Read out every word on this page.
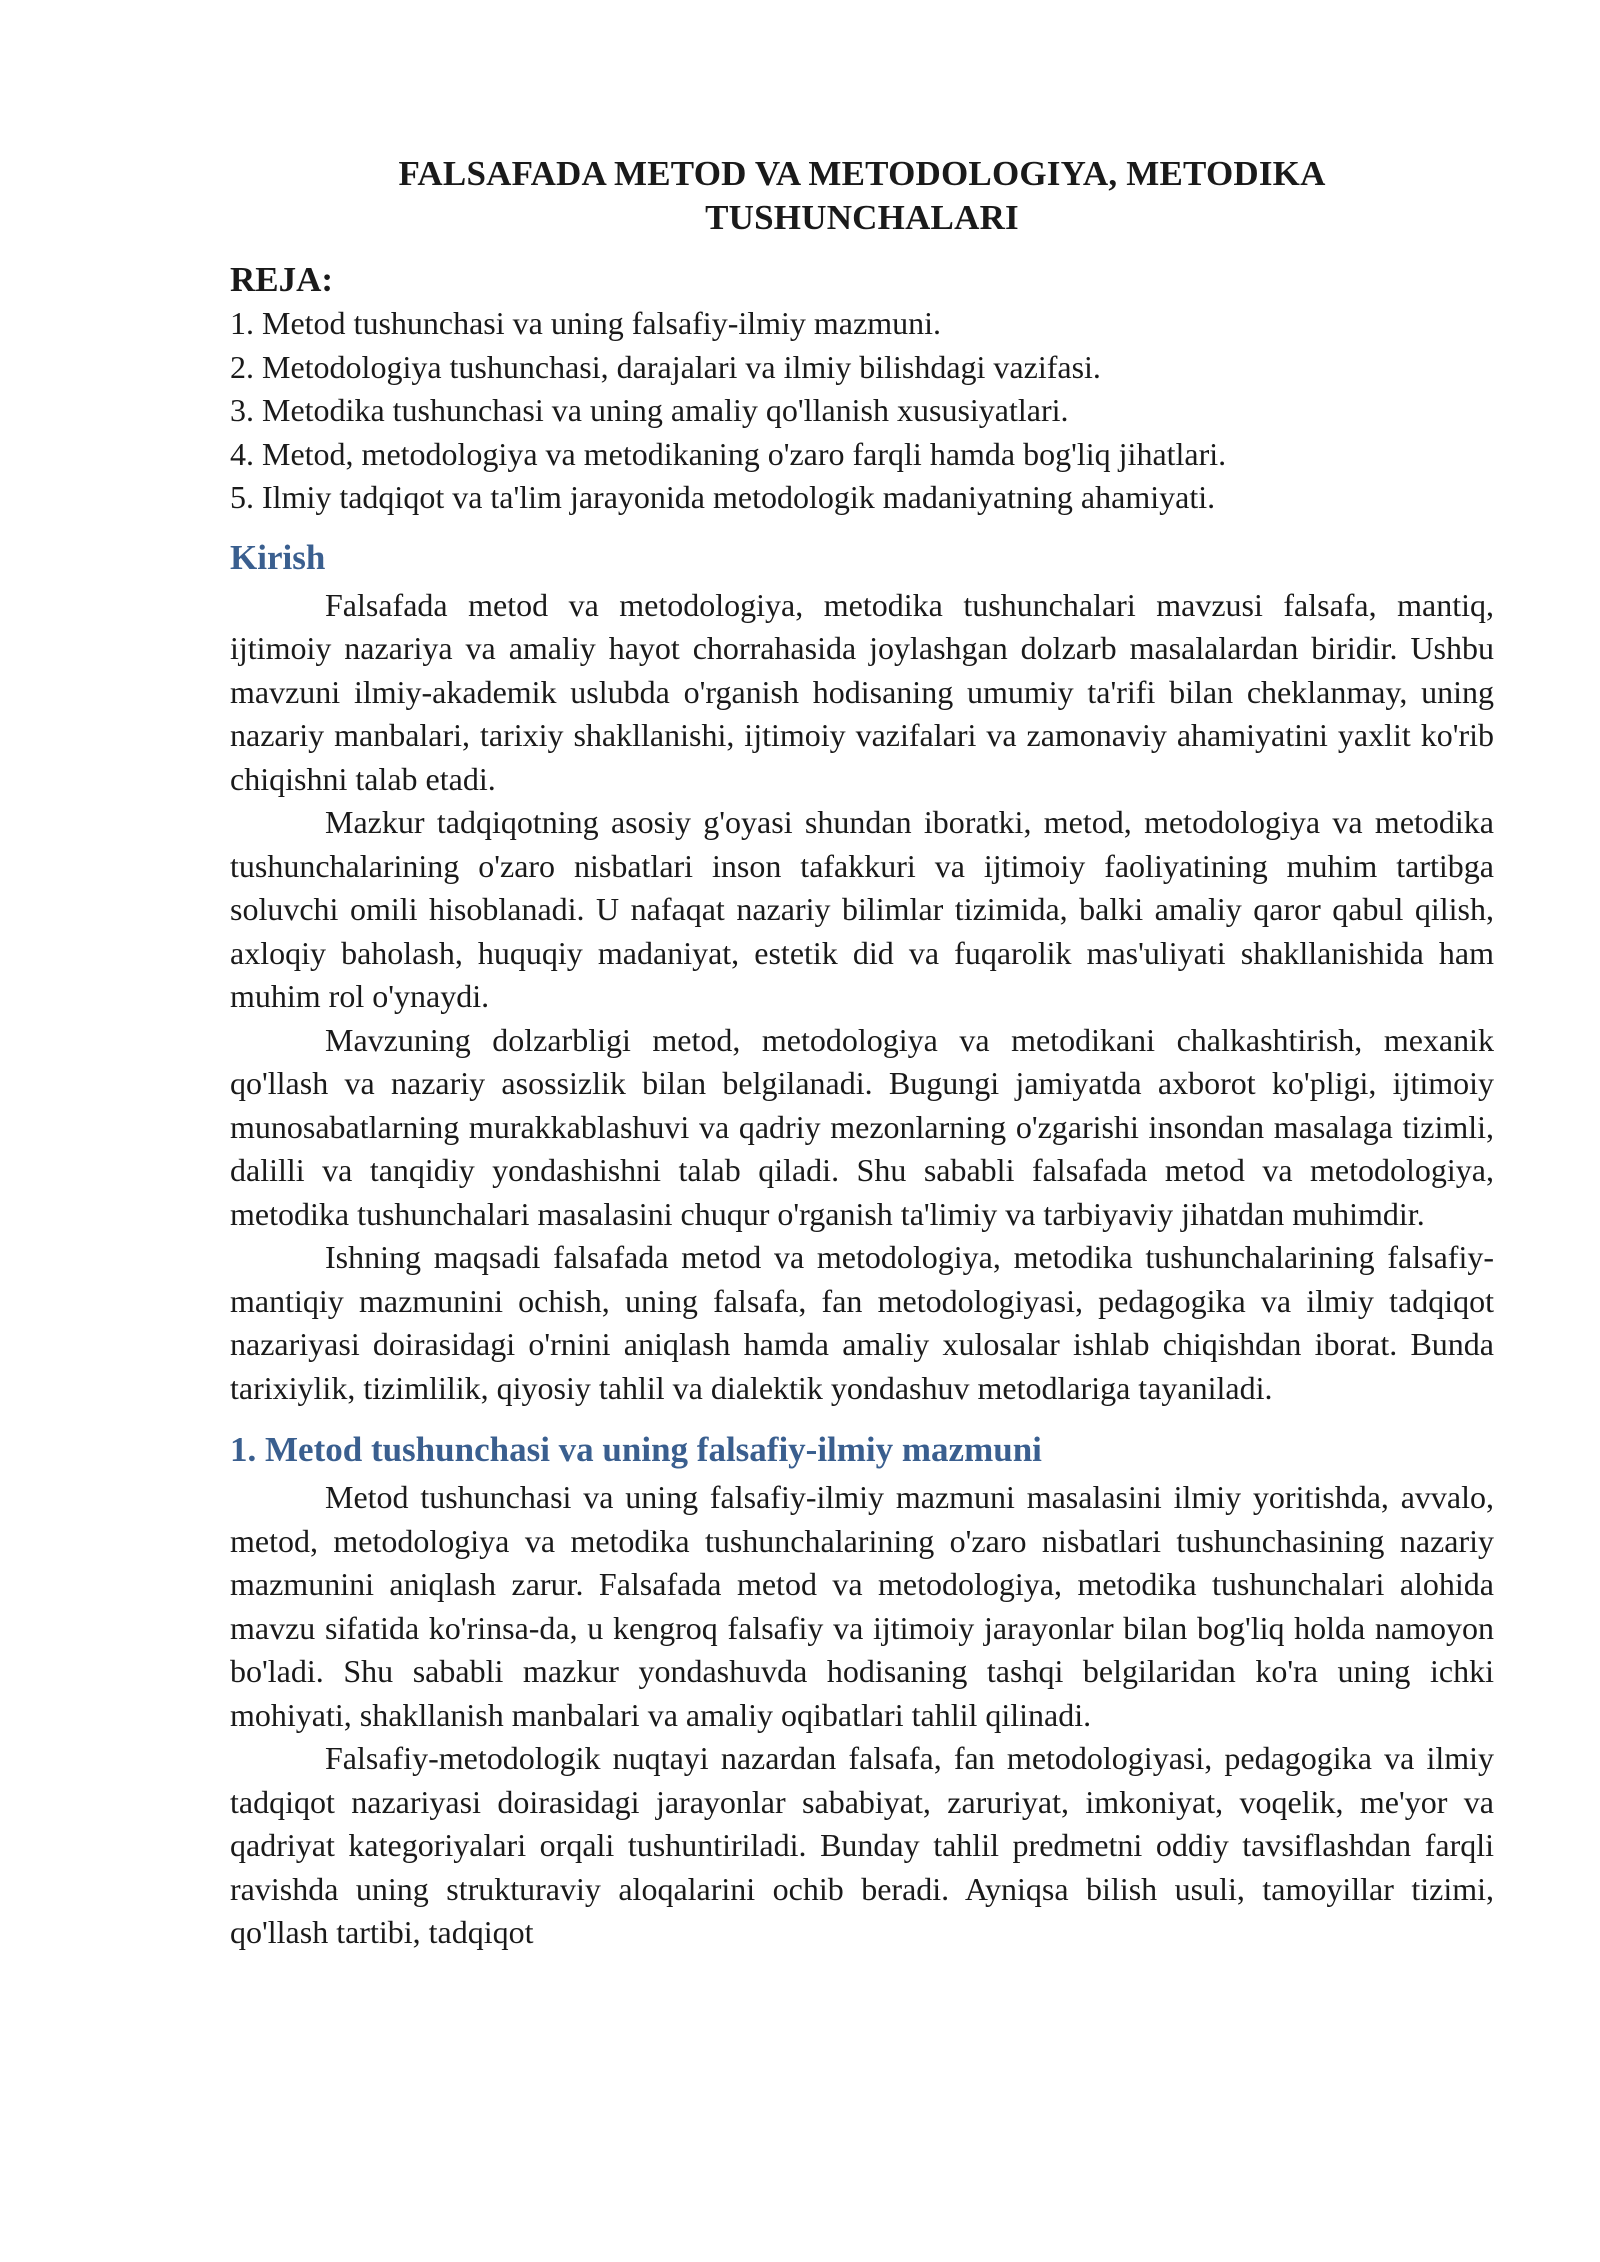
FALSAFADA METOD VA METODOLOGIYA, METODIKA
TUSHUNCHALARI

REJA:

1. Metod tushunchasi va uning falsafiy-ilmiy mazmuni.
2. Metodologiya tushunchasi, darajalari va ilmiy bilishdagi vazifasi.
3. Metodika tushunchasi va uning amaliy qo'llanish xususiyatlari.
4. Metod, metodologiya va metodikaning o'zaro farqli hamda bog'liq jihatlari.
5. Ilmiy tadqiqot va ta'lim jarayonida metodologik madaniyatning ahamiyati.
Kirish

Falsafada metod va metodologiya, metodika tushunchalari mavzusi falsafa, mantiq, ijtimoiy nazariya va amaliy hayot chorrahasida joylashgan dolzarb masalalardan biridir. Ushbu mavzuni ilmiy-akademik uslubda o'rganish hodisaning umumiy ta'rifi bilan cheklanmay, uning nazariy manbalari, tarixiy shakllanishi, ijtimoiy vazifalari va zamonaviy ahamiyatini yaxlit ko'rib chiqishni talab etadi.

Mazkur tadqiqotning asosiy g'oyasi shundan iboratki, metod, metodologiya va metodika tushunchalarining o'zaro nisbatlari inson tafakkuri va ijtimoiy faoliyatining muhim tartibga soluvchi omili hisoblanadi. U nafaqat nazariy bilimlar tizimida, balki amaliy qaror qabul qilish, axloqiy baholash, huquqiy madaniyat, estetik did va fuqarolik mas'uliyati shakllanishida ham muhim rol o'ynaydi.

Mavzuning dolzarbligi metod, metodologiya va metodikani chalkashtirish, mexanik qo'llash va nazariy asossizlik bilan belgilanadi. Bugungi jamiyatda axborot ko'pligi, ijtimoiy munosabatlarning murakkablashuvi va qadriy mezonlarning o'zgarishi insondan masalaga tizimli, dalilli va tanqidiy yondashishni talab qiladi. Shu sababli falsafada metod va metodologiya, metodika tushunchalari masalasini chuqur o'rganish ta'limiy va tarbiyaviy jihatdan muhimdir.

Ishning maqsadi falsafada metod va metodologiya, metodika tushunchalarining falsafiy-mantiqiy mazmunini ochish, uning falsafa, fan metodologiyasi, pedagogika va ilmiy tadqiqot nazariyasi doirasidagi o'rnini aniqlash hamda amaliy xulosalar ishlab chiqishdan iborat. Bunda tarixiylik, tizimlilik, qiyosiy tahlil va dialektik yondashuv metodlariga tayaniladi.

1. Metod tushunchasi va uning falsafiy-ilmiy mazmuni

Metod tushunchasi va uning falsafiy-ilmiy mazmuni masalasini ilmiy yoritishda, avvalo, metod, metodologiya va metodika tushunchalarining o'zaro nisbatlari tushunchasining nazariy mazmunini aniqlash zarur. Falsafada metod va metodologiya, metodika tushunchalari alohida mavzu sifatida ko'rinsa-da, u kengroq falsafiy va ijtimoiy jarayonlar bilan bog'liq holda namoyon bo'ladi. Shu sababli mazkur yondashuvda hodisaning tashqi belgilaridan ko'ra uning ichki mohiyati, shakllanish manbalari va amaliy oqibatlari tahlil qilinadi.

Falsafiy-metodologik nuqtayi nazardan falsafa, fan metodologiyasi, pedagogika va ilmiy tadqiqot nazariyasi doirasidagi jarayonlar sababiyat, zaruriyat, imkoniyat, voqelik, me'yor va qadriyat kategoriyalari orqali tushuntiriladi. Bunday tahlil predmetni oddiy tavsiflashdan farqli ravishda uning strukturaviy aloqalarini ochib beradi. Ayniqsa bilish usuli, tamoyillar tizimi, qo'llash tartibi, tadqiqot
